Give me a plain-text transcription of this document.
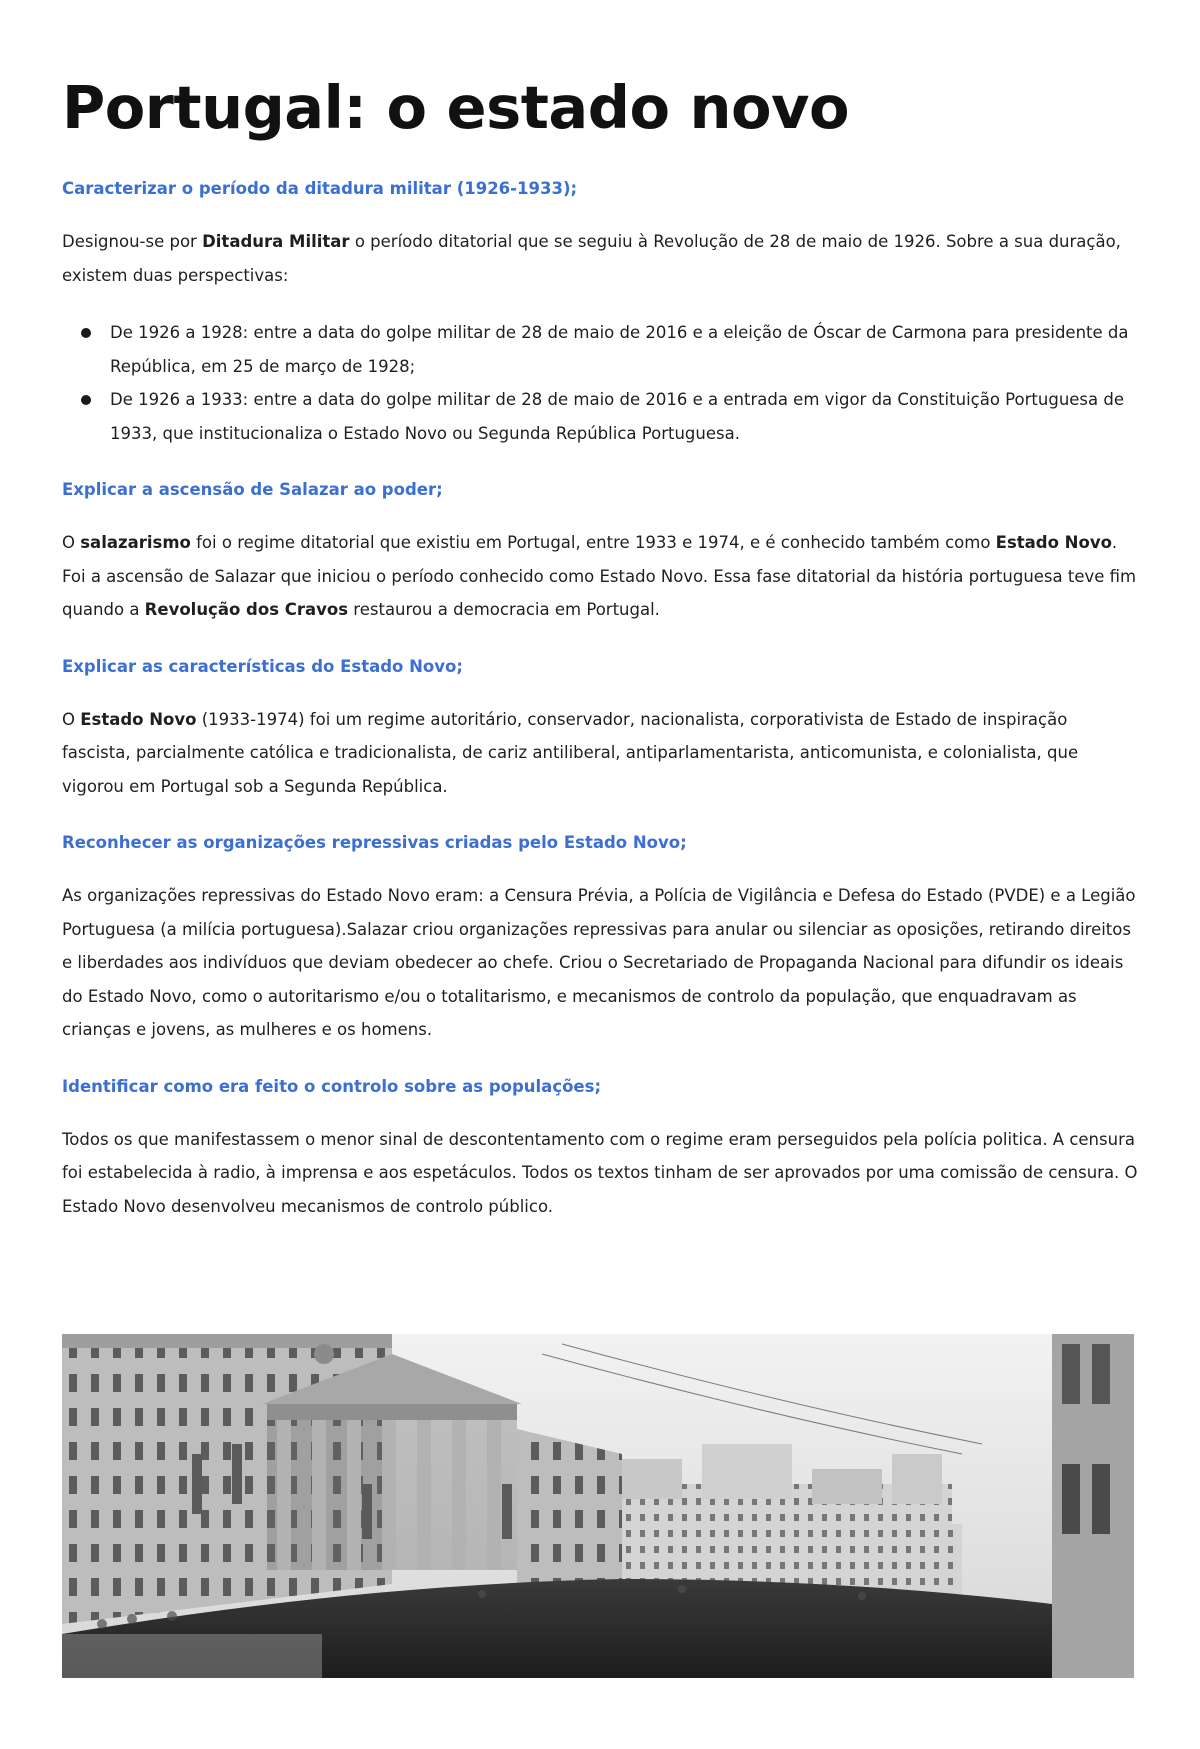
Portugal: o estado novo
Caracterizar o período da ditadura militar (1926-1933);

Designou-se por Ditadura Militar o período ditatorial que se seguiu à Revolução de 28 de maio de 1926. Sobre a sua duração, existem duas perspectivas:

De 1926 a 1928: entre a data do golpe militar de 28 de maio de 2016 e a eleição de Óscar de Carmona para presidente da República, em 25 de março de 1928;
De 1926 a 1933: entre a data do golpe militar de 28 de maio de 2016 e a entrada em vigor da Constituição Portuguesa de 1933, que institucionaliza o Estado Novo ou Segunda República Portuguesa.
Explicar a ascensão de Salazar ao poder;

O salazarismo foi o regime ditatorial que existiu em Portugal, entre 1933 e 1974, e é conhecido também como Estado Novo. Foi a ascensão de Salazar que iniciou o período conhecido como Estado Novo. Essa fase ditatorial da história portuguesa teve fim quando a Revolução dos Cravos restaurou a democracia em Portugal.

Explicar as características do Estado Novo;

O Estado Novo (1933-1974) foi um regime autoritário, conservador, nacionalista, corporativista de Estado de inspiração fascista, parcialmente católica e tradicionalista, de cariz antiliberal, antiparlamentarista, anticomunista, e colonialista, que vigorou em Portugal sob a Segunda República.

Reconhecer as organizações repressivas criadas pelo Estado Novo;

As organizações repressivas do Estado Novo eram: a Censura Prévia, a Polícia de Vigilância e Defesa do Estado (PVDE) e a Legião Portuguesa (a milícia portuguesa).Salazar criou organizações repressivas para anular ou silenciar as oposições, retirando direitos e liberdades aos indivíduos que deviam obedecer ao chefe. Criou o Secretariado de Propaganda Nacional para difundir os ideais do Estado Novo, como o autoritarismo e/ou o totalitarismo, e mecanismos de controlo da população, que enquadravam as crianças e jovens, as mulheres e os homens.

Identificar como era feito o controlo sobre as populações;

Todos os que manifestassem o menor sinal de descontentamento com o regime eram perseguidos pela polícia politica. A censura foi estabelecida à radio, à imprensa e aos espetáculos. Todos os textos tinham de ser aprovados por uma comissão de censura. O Estado Novo desenvolveu mecanismos de controlo público.
